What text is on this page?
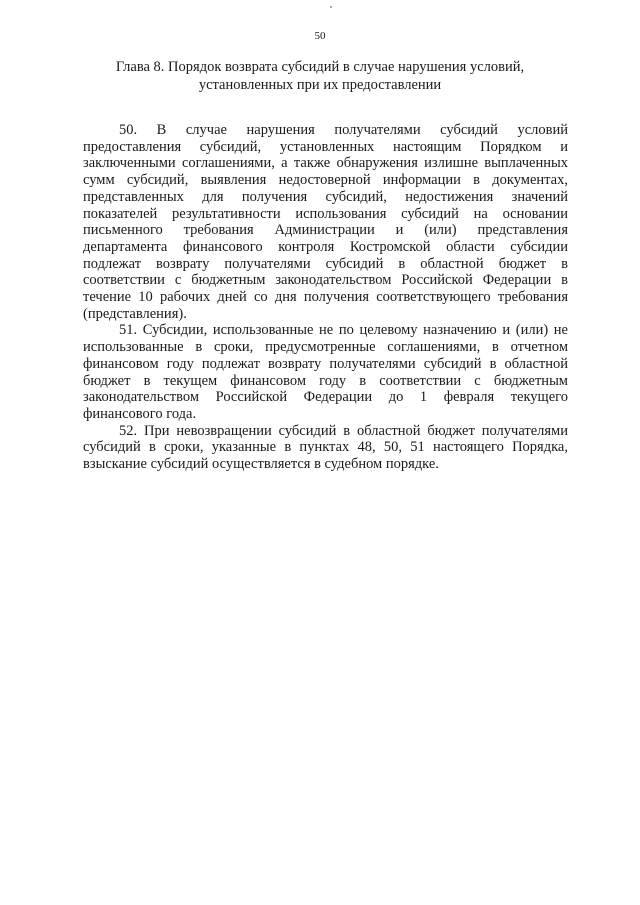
50
Глава 8. Порядок возврата субсидий в случае нарушения условий,
установленных при их предоставлении

50. В случае нарушения получателями субсидий условий предоставления субсидий, установленных настоящим Порядком и заключенными соглашениями, а также обнаружения излишне выплаченных сумм субсидий, выявления недостоверной информации в документах, представленных для получения субсидий, недостижения значений показателей результативности использования субсидий на основании письменного требования Администрации и (или) представления департамента финансового контроля Костромской области субсидии подлежат возврату получателями субсидий в областной бюджет в соответствии с бюджетным законодательством Российской Федерации в течение 10 рабочих дней со дня получения соответствующего требования (представления).

51. Субсидии, использованные не по целевому назначению и (или) не использованные в сроки, предусмотренные соглашениями, в отчетном финансовом году подлежат возврату получателями субсидий в областной бюджет в текущем финансовом году в соответствии с бюджетным законодательством Российской Федерации до 1 февраля текущего финансового года.

52. При невозвращении субсидий в областной бюджет получателями субсидий в сроки, указанные в пунктах 48, 50, 51 настоящего Порядка, взыскание субсидий осуществляется в судебном порядке.
